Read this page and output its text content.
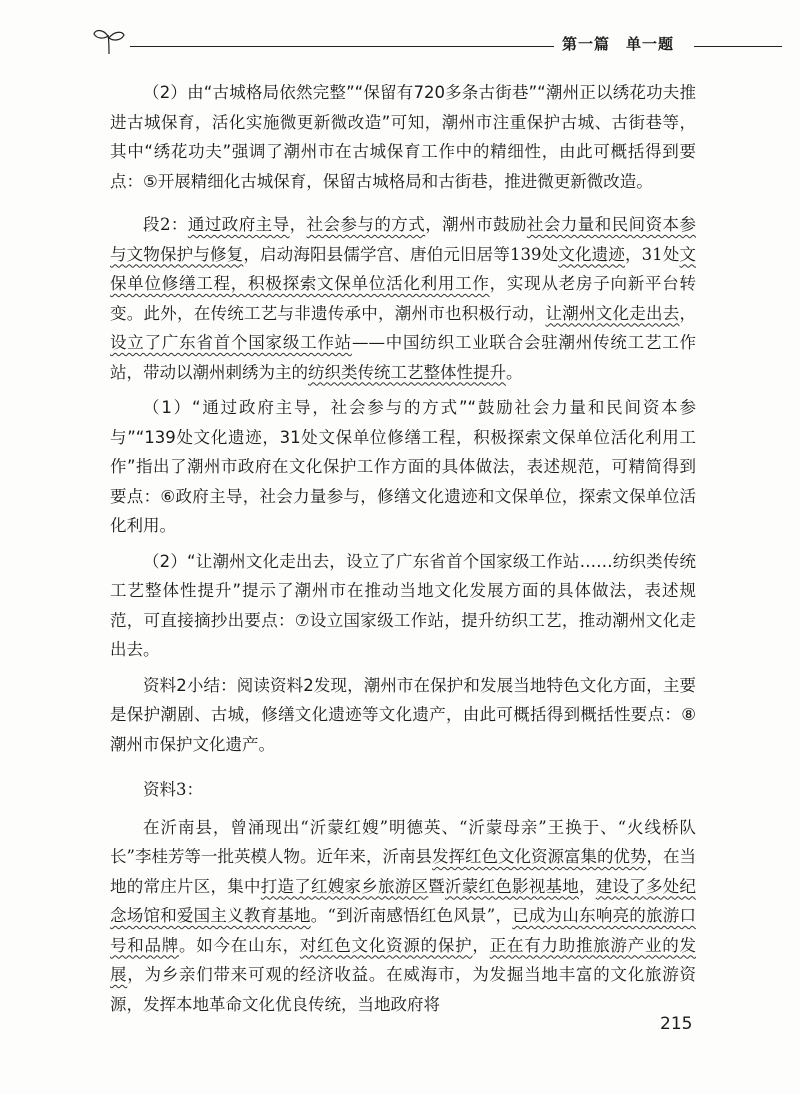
第一篇　单一题

（2）由“古城格局依然完整”“保留有720多条古街巷”“潮州正以绣花功夫推进古城保育，活化实施微更新微改造”可知，潮州市注重保护古城、古街巷等，其中“绣花功夫”强调了潮州市在古城保育工作中的精细性，由此可概括得到要点：⑤开展精细化古城保育，保留古城格局和古街巷，推进微更新微改造。

段2：通过政府主导，社会参与的方式，潮州市鼓励社会力量和民间资本参与文物保护与修复，启动海阳县儒学宫、唐伯元旧居等139处文化遗迹，31处文保单位修缮工程，积极探索文保单位活化利用工作，实现从老房子向新平台转变。此外，在传统工艺与非遗传承中，潮州市也积极行动，让潮州文化走出去，设立了广东省首个国家级工作站——中国纺织工业联合会驻潮州传统工艺工作站，带动以潮州刺绣为主的纺织类传统工艺整体性提升。

（1）“通过政府主导，社会参与的方式”“鼓励社会力量和民间资本参与”“139处文化遗迹，31处文保单位修缮工程，积极探索文保单位活化利用工作”指出了潮州市政府在文化保护工作方面的具体做法，表述规范，可精简得到要点：⑥政府主导，社会力量参与，修缮文化遗迹和文保单位，探索文保单位活化利用。

（2）“让潮州文化走出去，设立了广东省首个国家级工作站……纺织类传统工艺整体性提升”提示了潮州市在推动当地文化发展方面的具体做法，表述规范，可直接摘抄出要点：⑦设立国家级工作站，提升纺织工艺，推动潮州文化走出去。

资料2小结：阅读资料2发现，潮州市在保护和发展当地特色文化方面，主要是保护潮剧、古城，修缮文化遗迹等文化遗产，由此可概括得到概括性要点：⑧潮州市保护文化遗产。

资料3：

在沂南县，曾涌现出“沂蒙红嫂”明德英、“沂蒙母亲”王换于、“火线桥队长”李桂芳等一批英模人物。近年来，沂南县发挥红色文化资源富集的优势，在当地的常庄片区，集中打造了红嫂家乡旅游区暨沂蒙红色影视基地，建设了多处纪念场馆和爱国主义教育基地。“到沂南感悟红色风景”，已成为山东响亮的旅游口号和品牌。如今在山东，对红色文化资源的保护，正在有力助推旅游产业的发展，为乡亲们带来可观的经济收益。在威海市，为发掘当地丰富的文化旅游资源，发挥本地革命文化优良传统，当地政府将

215
